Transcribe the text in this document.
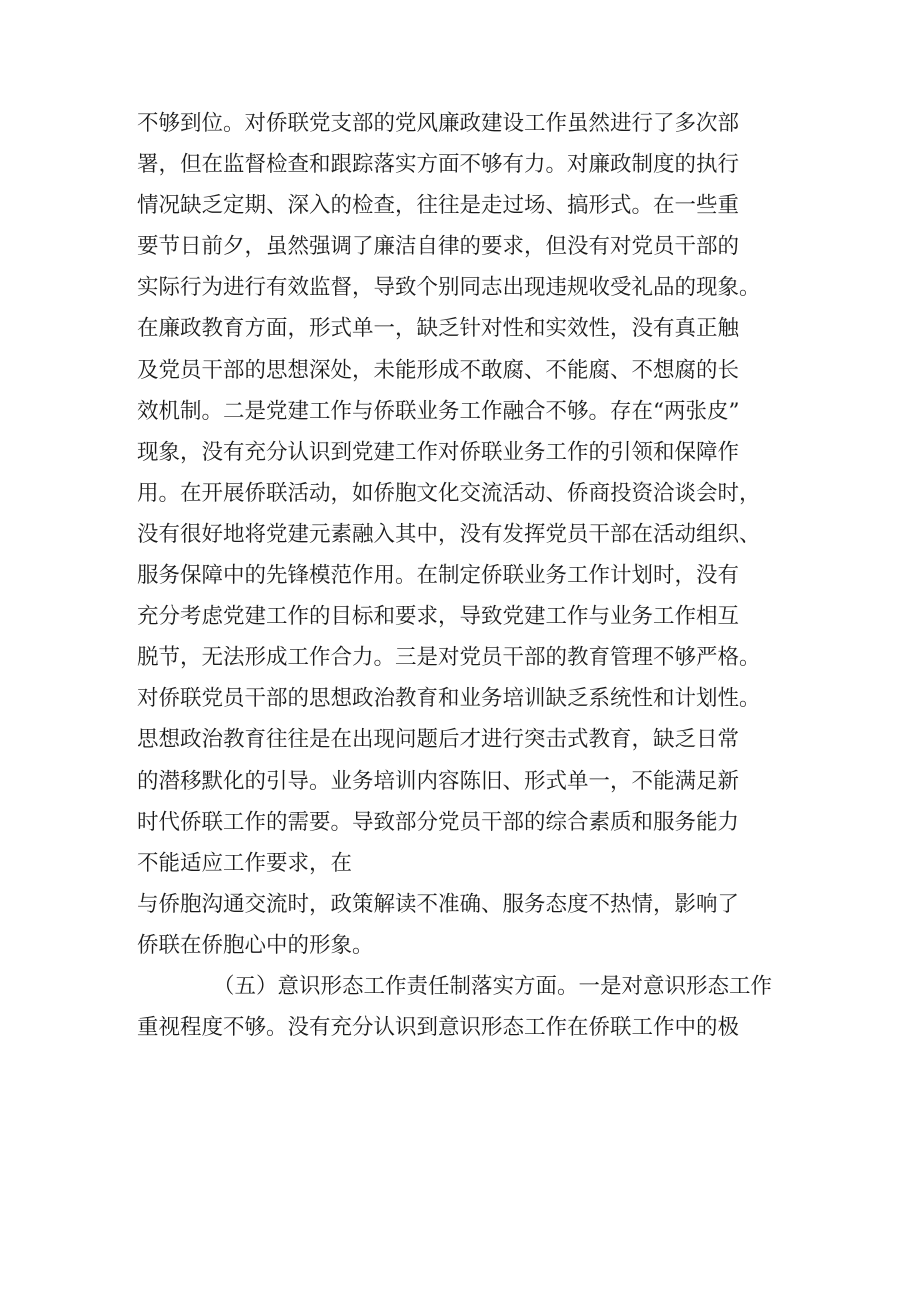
不够到位。对侨联党支部的党风廉政建设工作虽然进行了多次部
署，但在监督检查和跟踪落实方面不够有力。对廉政制度的执行
情况缺乏定期、深入的检查，往往是走过场、搞形式。在一些重
要节日前夕，虽然强调了廉洁自律的要求，但没有对党员干部的
实际行为进行有效监督，导致个别同志出现违规收受礼品的现象。
在廉政教育方面，形式单一，缺乏针对性和实效性，没有真正触
及党员干部的思想深处，未能形成不敢腐、不能腐、不想腐的长
效机制。二是党建工作与侨联业务工作融合不够。存在“两张皮”
现象，没有充分认识到党建工作对侨联业务工作的引领和保障作
用。在开展侨联活动，如侨胞文化交流活动、侨商投资洽谈会时，
没有很好地将党建元素融入其中，没有发挥党员干部在活动组织、
服务保障中的先锋模范作用。在制定侨联业务工作计划时，没有
充分考虑党建工作的目标和要求，导致党建工作与业务工作相互
脱节，无法形成工作合力。三是对党员干部的教育管理不够严格。
对侨联党员干部的思想政治教育和业务培训缺乏系统性和计划性。
思想政治教育往往是在出现问题后才进行突击式教育，缺乏日常
的潜移默化的引导。业务培训内容陈旧、形式单一，不能满足新
时代侨联工作的需要。导致部分党员干部的综合素质和服务能力
不能适应工作要求，在
与侨胞沟通交流时，政策解读不准确、服务态度不热情，影响了
侨联在侨胞心中的形象。
（五）意识形态工作责任制落实方面。一是对意识形态工作
重视程度不够。没有充分认识到意识形态工作在侨联工作中的极
